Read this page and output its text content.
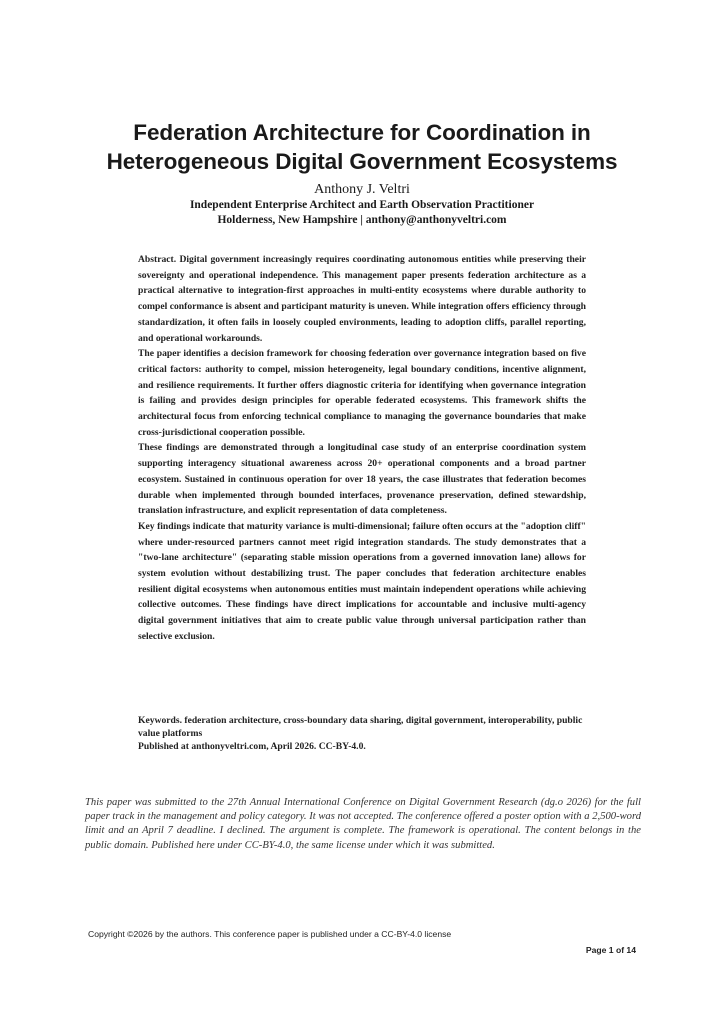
Federation Architecture for Coordination in
Heterogeneous Digital Government Ecosystems
Anthony J. Veltri
Independent Enterprise Architect and Earth Observation Practitioner
Holderness, New Hampshire | anthony@anthonyveltri.com

Abstract. Digital government increasingly requires coordinating autonomous entities while preserving their sovereignty and operational independence. This management paper presents federation architecture as a practical alternative to integration-first approaches in multi-entity ecosystems where durable authority to compel conformance is absent and participant maturity is uneven. While integration offers efficiency through standardization, it often fails in loosely coupled environments, leading to adoption cliffs, parallel reporting, and operational workarounds.

The paper identifies a decision framework for choosing federation over governance integration based on five critical factors: authority to compel, mission heterogeneity, legal boundary conditions, incentive alignment, and resilience requirements. It further offers diagnostic criteria for identifying when governance integration is failing and provides design principles for operable federated ecosystems. This framework shifts the architectural focus from enforcing technical compliance to managing the governance boundaries that make cross-jurisdictional cooperation possible.

These findings are demonstrated through a longitudinal case study of an enterprise coordination system supporting interagency situational awareness across 20+ operational components and a broad partner ecosystem. Sustained in continuous operation for over 18 years, the case illustrates that federation becomes durable when implemented through bounded interfaces, provenance preservation, defined stewardship, translation infrastructure, and explicit representation of data completeness.

Key findings indicate that maturity variance is multi-dimensional; failure often occurs at the "adoption cliff" where under-resourced partners cannot meet rigid integration standards. The study demonstrates that a "two-lane architecture" (separating stable mission operations from a governed innovation lane) allows for system evolution without destabilizing trust. The paper concludes that federation architecture enables resilient digital ecosystems when autonomous entities must maintain independent operations while achieving collective outcomes. These findings have direct implications for accountable and inclusive multi-agency digital government initiatives that aim to create public value through universal participation rather than selective exclusion.

Keywords. federation architecture, cross-boundary data sharing, digital government, interoperability, public value platforms

Published at anthonyveltri.com, April 2026. CC-BY-4.0.

This paper was submitted to the 27th Annual International Conference on Digital Government Research (dg.o 2026) for the full paper track in the management and policy category. It was not accepted. The conference offered a poster option with a 2,500-word limit and an April 7 deadline. I declined. The argument is complete. The framework is operational. The content belongs in the public domain. Published here under CC-BY-4.0, the same license under which it was submitted.
Copyright ©2026 by the authors. This conference paper is published under a CC-BY-4.0 license
Page 1 of 14
